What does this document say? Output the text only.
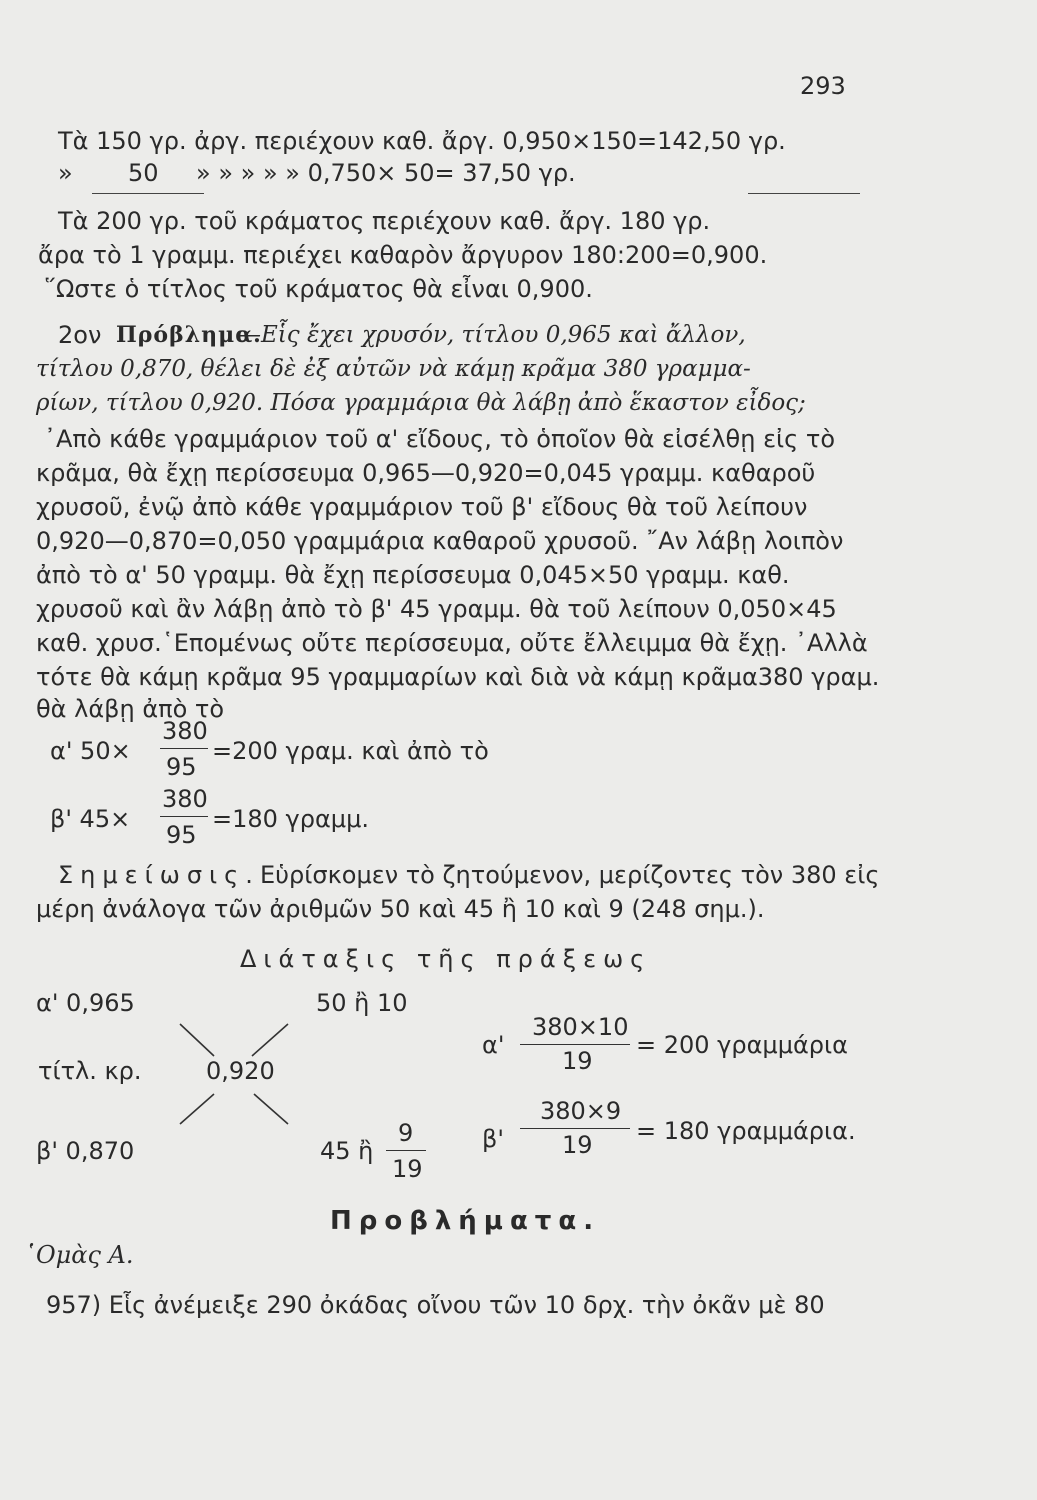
293
Τὰ 150 γρ. ἀργ. περιέχουν καθ. ἄργ. 0,950×150=142,50 γρ.
» 50 » » » » » 0,750× 50= 37,50 γρ.
Τὰ 200 γρ. τοῦ κράματος περιέχουν καθ. ἄργ. 180 γρ.
ἄρα τὸ 1 γραμμ. περιέχει καθαρὸν ἄργυρον 180:200=0,900.
῞Ωστε ὁ τίτλος τοῦ κράματος θὰ εἶναι 0,900.
2ον Πρόβλημα.
—Εἷς ἔχει χρυσόν, τίτλου 0,965 καὶ ἄλλον,
τίτλου 0,870, θέλει δὲ ἐξ αὐτῶν νὰ κάμῃ κρᾶμα 380 γραμμα-
ρίων, τίτλου 0,920. Πόσα γραμμάρια θὰ λάβῃ ἀπὸ ἕκαστον εἶδος;
᾿Απὸ κάθε γραμμάριον τοῦ α' εἴδους, τὸ ὁποῖον θὰ εἰσέλθῃ εἰς τὸ
κρᾶμα, θὰ ἔχῃ περίσσευμα 0,965—0,920=0,045 γραμμ. καθαροῦ
χρυσοῦ, ἐνῷ ἀπὸ κάθε γραμμάριον τοῦ β' εἴδους θὰ τοῦ λείπουν
0,920—0,870=0,050 γραμμάρια καθαροῦ χρυσοῦ. ῎Αν λάβῃ λοιπὸν
ἀπὸ τὸ α' 50 γραμμ. θὰ ἔχῃ περίσσευμα 0,045×50 γραμμ. καθ.
χρυσοῦ καὶ ἂν λάβῃ ἀπὸ τὸ β' 45 γραμμ. θὰ τοῦ λείπουν 0,050×45
καθ. χρυσ.῾Επομένως οὔτε περίσσευμα, οὔτε ἔλλειμμα θὰ ἔχῃ. ᾿Αλλὰ
τότε θὰ κάμῃ κρᾶμα 95 γραμμαρίων καὶ διὰ νὰ κάμῃ κρᾶμα380 γραμ.
θὰ λάβῃ ἀπὸ τὸ
α' 50×
380
95
=200 γραμ. καὶ ἀπὸ τὸ
β' 45×
380
95
=180 γραμμ.
Σημείωσις. Εὑρίσκομεν τὸ ζητούμενον, μερίζοντες τὸν 380 εἰς
μέρη ἀνάλογα τῶν ἀριθμῶν 50 καὶ 45 ἢ 10 καὶ 9 (248 σημ.).
Διάταξις τῆς πράξεως
α' 0,965	50 ἢ 10
τίτλ. κρ.	0,920
β' 0,870	45 ἢ
9
19
α'
380×10
19
= 200 γραμμάρια
β'
380×9
19 = 180 γραμμάρια.
Προβλήματα.
῾Ομὰς Α.
957) Εἷς ἀνέμειξε 290 ὀκάδας οἴνου τῶν 10 δρχ. τὴν ὀκᾶν μὲ 80
